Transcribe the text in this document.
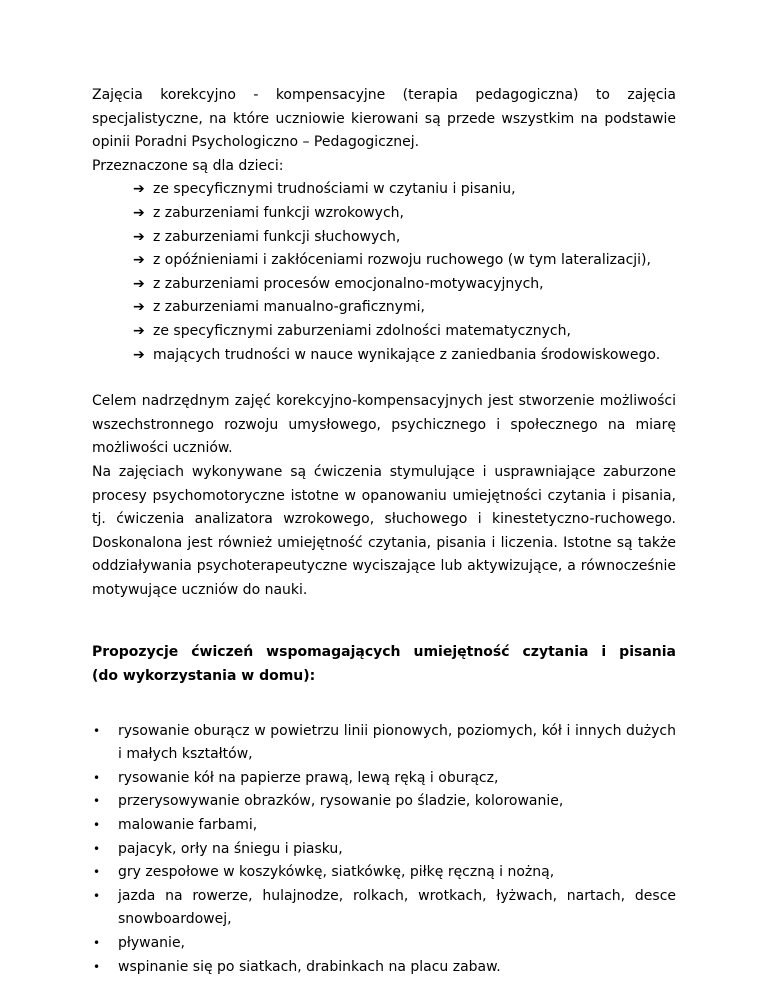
Zajęcia korekcyjno - kompensacyjne (terapia pedagogiczna) to zajęcia specjalistyczne, na które uczniowie kierowani są przede wszystkim na podstawie opinii Poradni Psychologiczno – Pedagogicznej.

Przeznaczone są dla dzieci:

➔ ze specyficznymi trudnościami w czytaniu i pisaniu,
➔ z zaburzeniami funkcji wzrokowych,
➔ z zaburzeniami funkcji słuchowych,
➔ z opóźnieniami i zakłóceniami rozwoju ruchowego (w tym lateralizacji),
➔ z zaburzeniami procesów emocjonalno-motywacyjnych,
➔ z zaburzeniami manualno-graficznymi,
➔ ze specyficznymi zaburzeniami zdolności matematycznych,
➔ mających trudności w nauce wynikające z zaniedbania środowiskowego.

Celem nadrzędnym zajęć korekcyjno-kompensacyjnych jest stworzenie możliwości wszechstronnego rozwoju umysłowego, psychicznego i społecznego na miarę możliwości uczniów.

Na zajęciach wykonywane są ćwiczenia stymulujące i usprawniające zaburzone procesy psychomotoryczne istotne w opanowaniu umiejętności czytania i pisania, tj. ćwiczenia analizatora wzrokowego, słuchowego i kinestetyczno-ruchowego. Doskonalona jest również umiejętność czytania, pisania i liczenia. Istotne są także oddziaływania psychoterapeutyczne wyciszające lub aktywizujące, a równocześnie motywujące uczniów do nauki.

Propozycje ćwiczeń wspomagających umiejętność czytania i pisania

(do wykorzystania w domu):

• rysowanie oburącz w powietrzu linii pionowych, poziomych, kół i innych dużych i małych kształtów,
• rysowanie kół na papierze prawą, lewą ręką i oburącz,
• przerysowywanie obrazków, rysowanie po śladzie, kolorowanie,
• malowanie farbami,
• pajacyk, orły na śniegu i piasku,
• gry zespołowe w koszykówkę, siatkówkę, piłkę ręczną i nożną,
• jazda na rowerze, hulajnodze, rolkach, wrotkach, łyżwach, nartach, desce snowboardowej,
• pływanie,
• wspinanie się po siatkach, drabinkach na placu zabaw.
